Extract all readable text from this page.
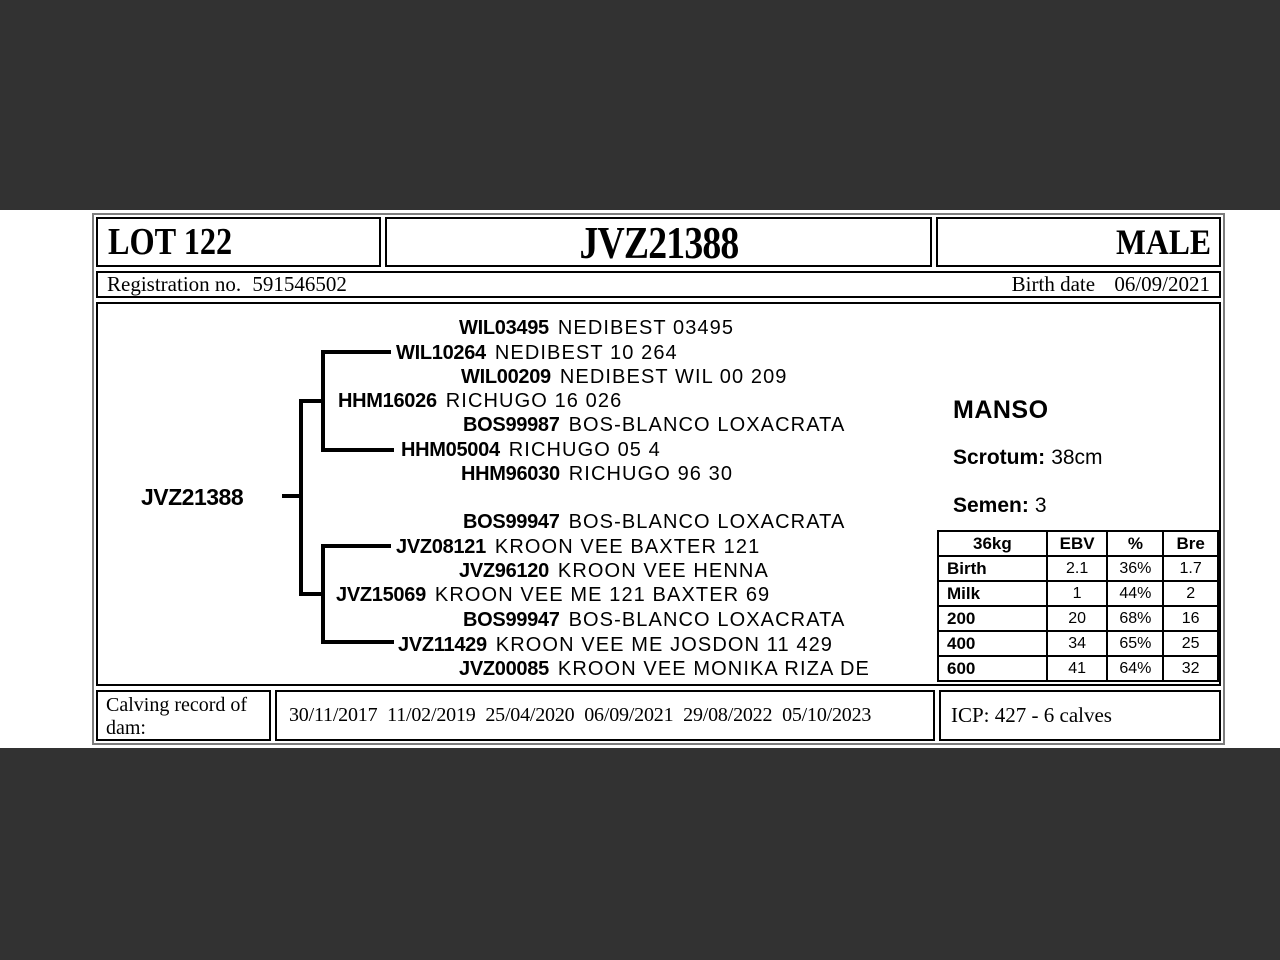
LOT 122	JVZ21388	MALE
Registration no. 591546502	Birth date 06/09/2021
JVZ21388
WIL03495 NEDIBEST 03495
WIL10264 NEDIBEST 10 264
WIL00209 NEDIBEST WIL 00 209
HHM16026 RICHUGO 16 026
BOS99987 BOS-BLANCO LOXACRATA
HHM05004 RICHUGO 05 4
HHM96030 RICHUGO 96 30
BOS99947 BOS-BLANCO LOXACRATA
JVZ08121 KROON VEE BAXTER 121
JVZ96120 KROON VEE HENNA
JVZ15069 KROON VEE ME 121 BAXTER 69
BOS99947 BOS-BLANCO LOXACRATA
JVZ11429 KROON VEE ME JOSDON 11 429
JVZ00085 KROON VEE MONIKA RIZA DE
MANSO
Scrotum: 38cm
Semen: 3
36kg	EBV	%	Bre
Birth	2.1	36%	1.7
Milk	1	44%	2
200	20	68%	16
400	34	65%	25
600	41	64%	32
Calving record of dam:
30/11/2017 11/02/2019 25/04/2020 06/09/2021 29/08/2022 05/10/2023	ICP: 427 - 6 calves
